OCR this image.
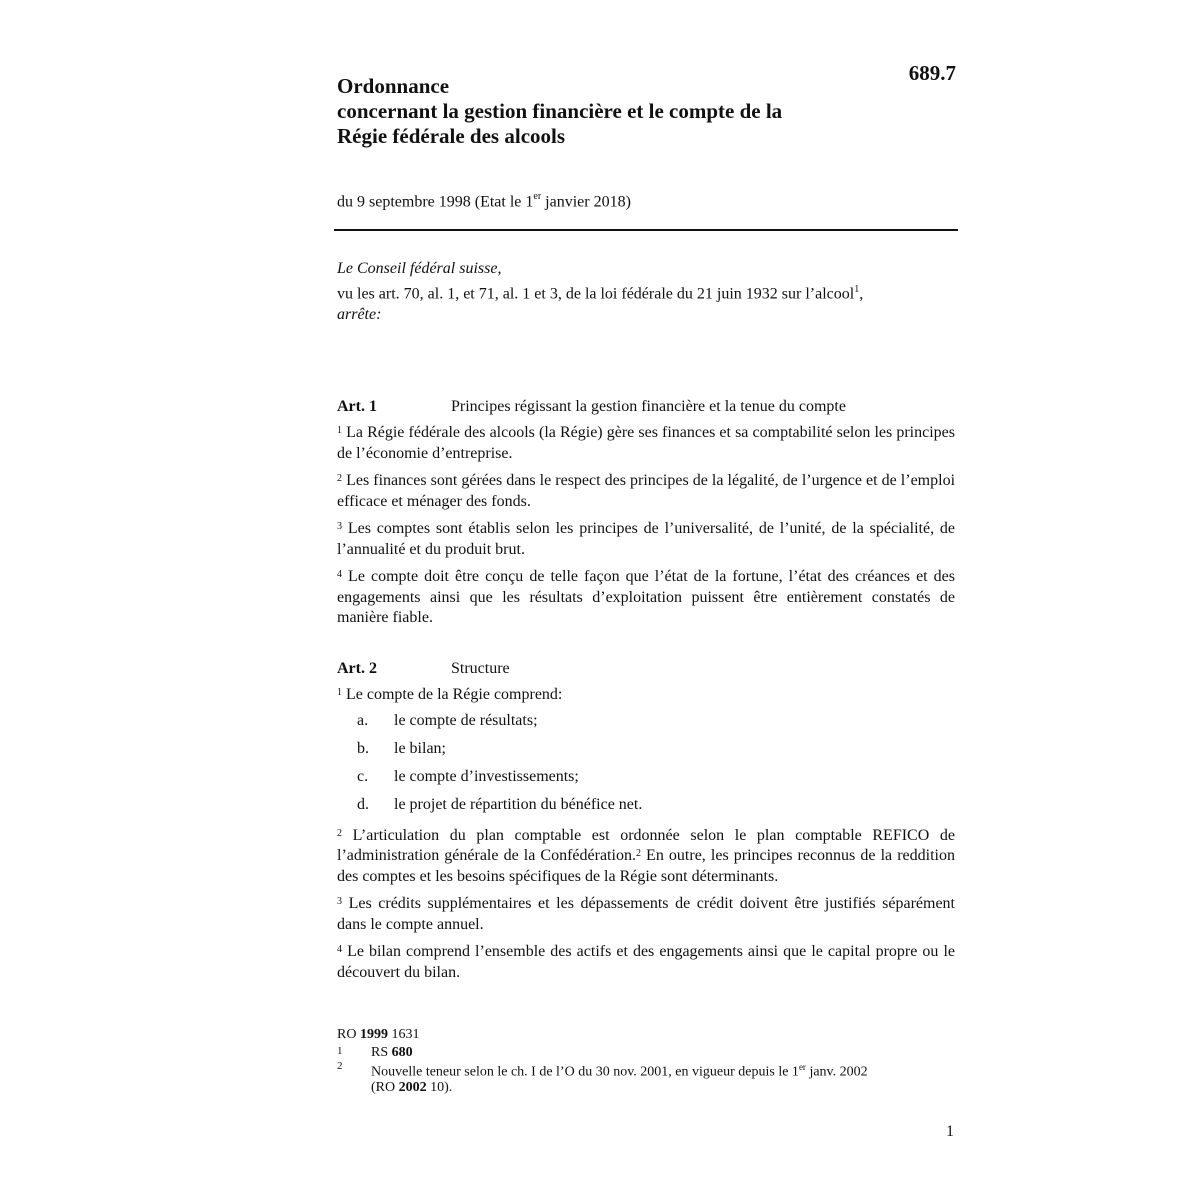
689.7
Ordonnance
concernant la gestion financière et le compte de la
Régie fédérale des alcools
du 9 septembre 1998 (Etat le 1er janvier 2018)
Le Conseil fédéral suisse,
vu les art. 70, al. 1, et 71, al. 1 et 3, de la loi fédérale du 21 juin 1932 sur l’alcool$^1$,
arrête:
Art. 1	Principes régissant la gestion financière et la tenue du compte

$^1$ La Régie fédérale des alcools (la Régie) gère ses finances et sa comptabilité selon les principes de l’économie d’entreprise.

$^2$ Les finances sont gérées dans le respect des principes de la légalité, de l’urgence et de l’emploi efficace et ménager des fonds.

$^3$ Les comptes sont établis selon les principes de l’universalité, de l’unité, de la spécialité, de l’annualité et du produit brut.

$^4$ Le compte doit être conçu de telle façon que l’état de la fortune, l’état des créances et des engagements ainsi que les résultats d’exploitation puissent être entièrement constatés de manière fiable.

Art. 2	Structure

$^1$ Le compte de la Régie comprend:

a.	le compte de résultats;
b.	le bilan;
c.	le compte d’investissements;
d.	le projet de répartition du bénéfice net.

$^2$ L’articulation du plan comptable est ordonnée selon le plan comptable REFICO de l’administration générale de la Confédération.$^2$ En outre, les principes reconnus de la reddition des comptes et les besoins spécifiques de la Régie sont déterminants.

$^3$ Les crédits supplémentaires et les dépassements de crédit doivent être justifiés séparément dans le compte annuel.

$^4$ Le bilan comprend l’ensemble des actifs et des engagements ainsi que le capital propre ou le découvert du bilan.

RO 1999 1631
1	RS 680
2	Nouvelle teneur selon le ch. I de l’O du 30 nov. 2001, en vigueur depuis le 1er janv. 2002
(RO 2002 10).
1
